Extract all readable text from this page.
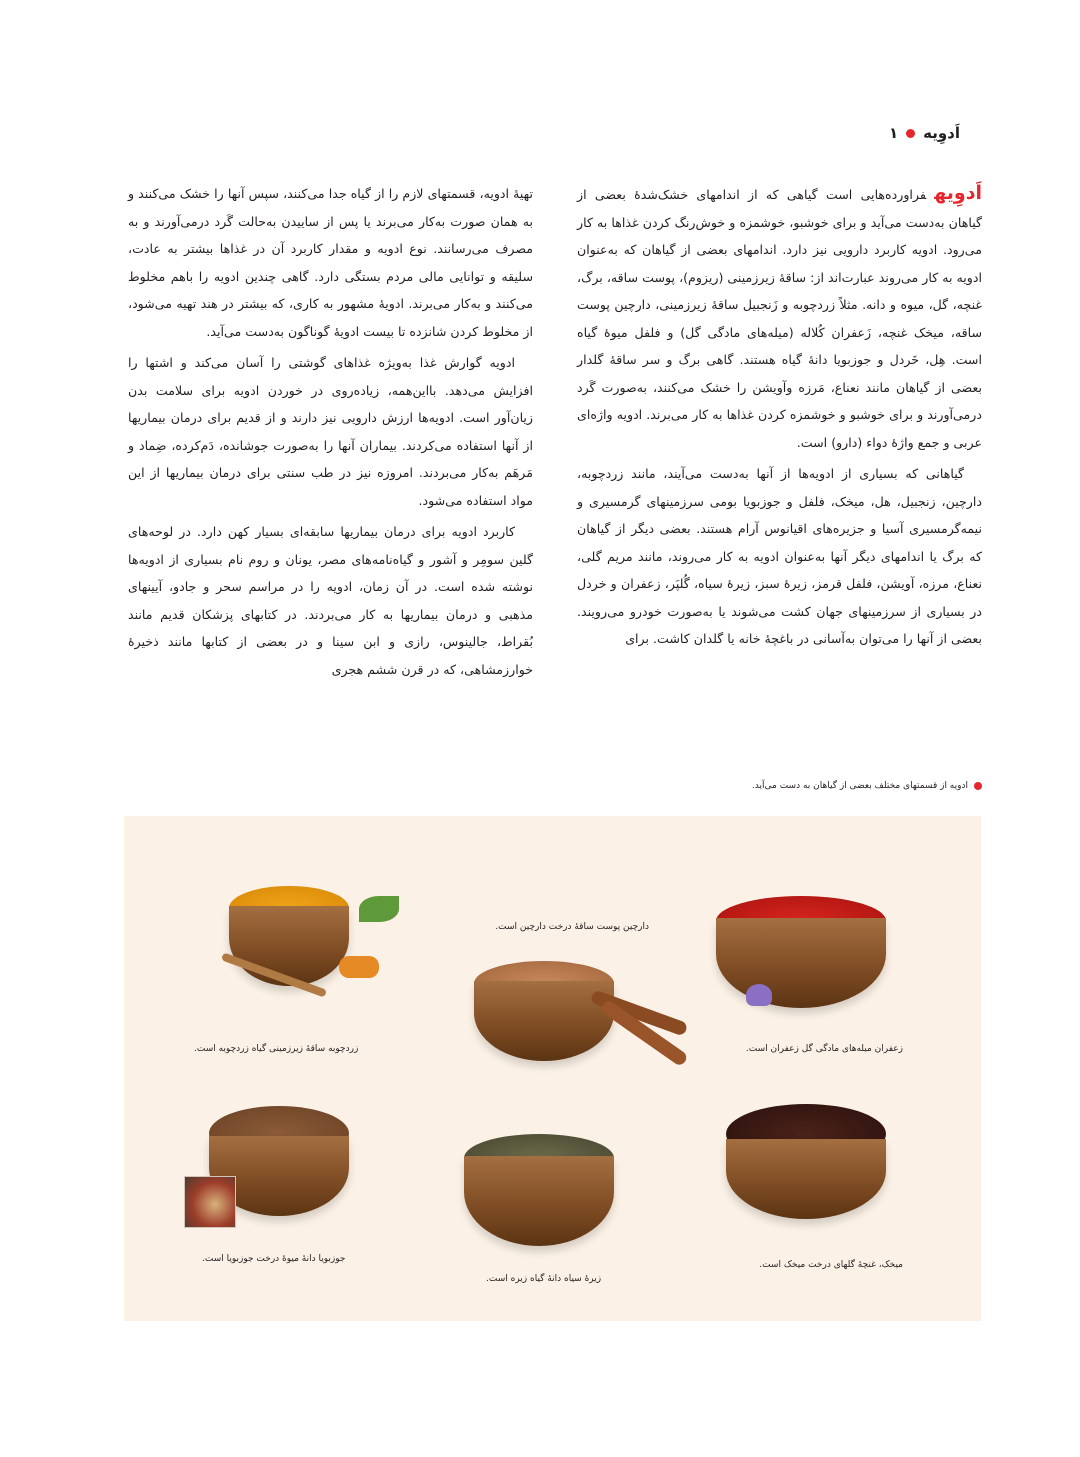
اَدوِیه
۱

اَدوِیهفراورده‌هایی است گیاهی که از اندامهای خشک‌شدهٔ بعضی از گیاهان به‌دست می‌آید و برای خوشبو، خوشمزه و خوش‌رنگ کردن غذاها به کار می‌رود. ادویه کاربرد دارویی نیز دارد. اندامهای بعضی از گیاهان که به‌عنوان ادویه به کار می‌روند عبارت‌اند از: ساقهٔ زیرزمینی (ریزوم)، پوست ساقه، برگ، غنچه، گل، میوه و دانه. مثلاً زردچوبه و زَنجبیل ساقهٔ زیرزمینی، دارچین پوست ساقه، میخک غنچه، زَعفران کُلاله (میله‌های مادگی گل) و فلفل میوهٔ گیاه است. هِل، خَردل و جوزبویا دانهٔ گیاه هستند. گاهی برگ و سر ساقهٔ گلدار بعضی از گیاهان مانند نعناع، مَرزه وآویشن را خشک می‌کنند، به‌صورت گَرد درمی‌آورند و برای خوشبو و خوشمزه کردن غذاها به کار می‌برند. ادویه واژه‌ای عربی و جمع واژهٔ دواء (دارو) است.

گیاهانی که بسیاری از ادویه‌ها از آنها به‌دست می‌آیند، مانند زردچوبه، دارچین، زنجبیل، هل، میخک، فلفل و جوزبویا بومی سرزمینهای گرمسیری و نیمه‌گرمسیری آسیا و جزیره‌های اقیانوس آرام هستند. بعضی دیگر از گیاهان که برگ یا اندامهای دیگر آنها به‌عنوان ادویه به کار می‌روند، مانند مریم گلی، نعناع، مرزه، آویشن، فلفل قرمز، زیرهٔ سبز، زیرهٔ سیاه، گُلپَر، زعفران و خردل در بسیاری از سرزمینهای جهان کشت می‌شوند یا به‌صورت خودرو می‌رویند. بعضی از آنها را می‌توان به‌آسانی در باغچهٔ خانه یا گلدان کاشت. برای

تهیهٔ ادویه، قسمتهای لازم را از گیاه جدا می‌کنند، سپس آنها را خشک می‌کنند و به همان صورت به‌کار می‌برند یا پس از ساییدن به‌حالت گَرد درمی‌آورند و به مصرف می‌رسانند. نوع ادویه و مقدار کاربرد آن در غذاها بیشتر به عادت، سلیقه و توانایی مالی مردم بستگی دارد. گاهی چندین ادویه را باهم مخلوط می‌کنند و به‌کار می‌برند. ادویهٔ مشهور به کاری، که بیشتر در هند تهیه می‌شود، از مخلوط کردن شانزده تا بیست ادویهٔ گوناگون به‌دست می‌آید.

ادویه گوارش غذا به‌ویژه غذاهای گوشتی را آسان می‌کند و اشتها را افزایش می‌دهد. بااین‌همه، زیاده‌روی در خوردن ادویه برای سلامت بدن زیان‌آور است. ادویه‌ها ارزش دارویی نیز دارند و از قدیم برای درمان بیماریها از آنها استفاده می‌کردند. بیماران آنها را به‌صورت جوشانده، دَم‌کرده، ضِماد و مَرهَم به‌کار می‌بردند. امروزه نیز در طب سنتی برای درمان بیماریها از این مواد استفاده می‌شود.

کاربرد ادویه برای درمان بیماریها سابقه‌ای بسیار کهن دارد. در لوحه‌های گلین سومِر و آشور و گیاه‌نامه‌های مصر، یونان و روم نام بسیاری از ادویه‌ها نوشته شده است. در آن زمان، ادویه را در مراسم سحر و جادو، آیینهای مذهبی و درمان بیماریها به کار می‌بردند. در کتابهای پزشکان قدیم مانند بُقراط، جالینوس، رازی و ابن سینا و در بعضی از کتابها مانند ذخیرهٔ خوارزمشاهی، که در قرن ششم هجری

ادویه از قسمتهای مختلف بعضی از گیاهان به دست می‌آید.
زعفران میله‌های مادگی گل زعفران است.
دارچین پوست ساقهٔ درخت دارچین است.
زردچوبه ساقهٔ زیرزمینی گیاه زردچوبه است.
میخک، غنچهٔ گلهای درخت میخک است.
زیرهٔ سیاه دانهٔ گیاه زیره است.
جوزبویا دانهٔ میوهٔ درخت جوزبویا است.
